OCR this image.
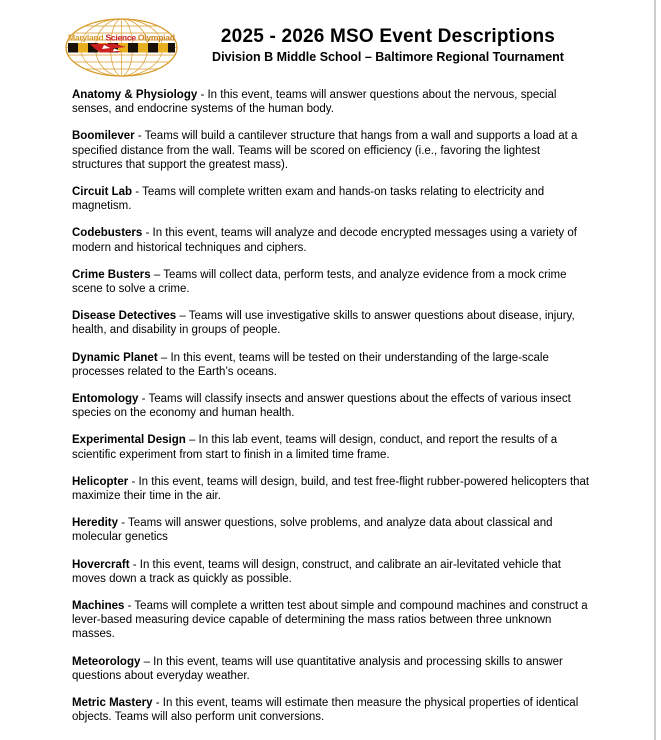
Maryland Science Olympiad	2025 - 2026 MSO Event Descriptions
Division B Middle School – Baltimore Regional Tournament

Anatomy & Physiology - In this event, teams will answer questions about the nervous, special senses, and endocrine systems of the human body.

Boomilever - Teams will build a cantilever structure that hangs from a wall and supports a load at a specified distance from the wall. Teams will be scored on efficiency (i.e., favoring the lightest structures that support the greatest mass).

Circuit Lab - Teams will complete written exam and hands-on tasks relating to electricity and magnetism.

Codebusters - In this event, teams will analyze and decode encrypted messages using a variety of modern and historical techniques and ciphers.

Crime Busters – Teams will collect data, perform tests, and analyze evidence from a mock crime scene to solve a crime.

Disease Detectives – Teams will use investigative skills to answer questions about disease, injury, health, and disability in groups of people.

Dynamic Planet – In this event, teams will be tested on their understanding of the large-scale processes related to the Earth’s oceans.

Entomology - Teams will classify insects and answer questions about the effects of various insect species on the economy and human health.

Experimental Design – In this lab event, teams will design, conduct, and report the results of a scientific experiment from start to finish in a limited time frame.

Helicopter - In this event, teams will design, build, and test free-flight rubber-powered helicopters that maximize their time in the air.

Heredity - Teams will answer questions, solve problems, and analyze data about classical and molecular genetics

Hovercraft - In this event, teams will design, construct, and calibrate an air-levitated vehicle that moves down a track as quickly as possible.

Machines - Teams will complete a written test about simple and compound machines and construct a lever-based measuring device capable of determining the mass ratios between three unknown masses.

Meteorology – In this event, teams will use quantitative analysis and processing skills to answer questions about everyday weather.

Metric Mastery - In this event, teams will estimate then measure the physical properties of identical objects. Teams will also perform unit conversions.
